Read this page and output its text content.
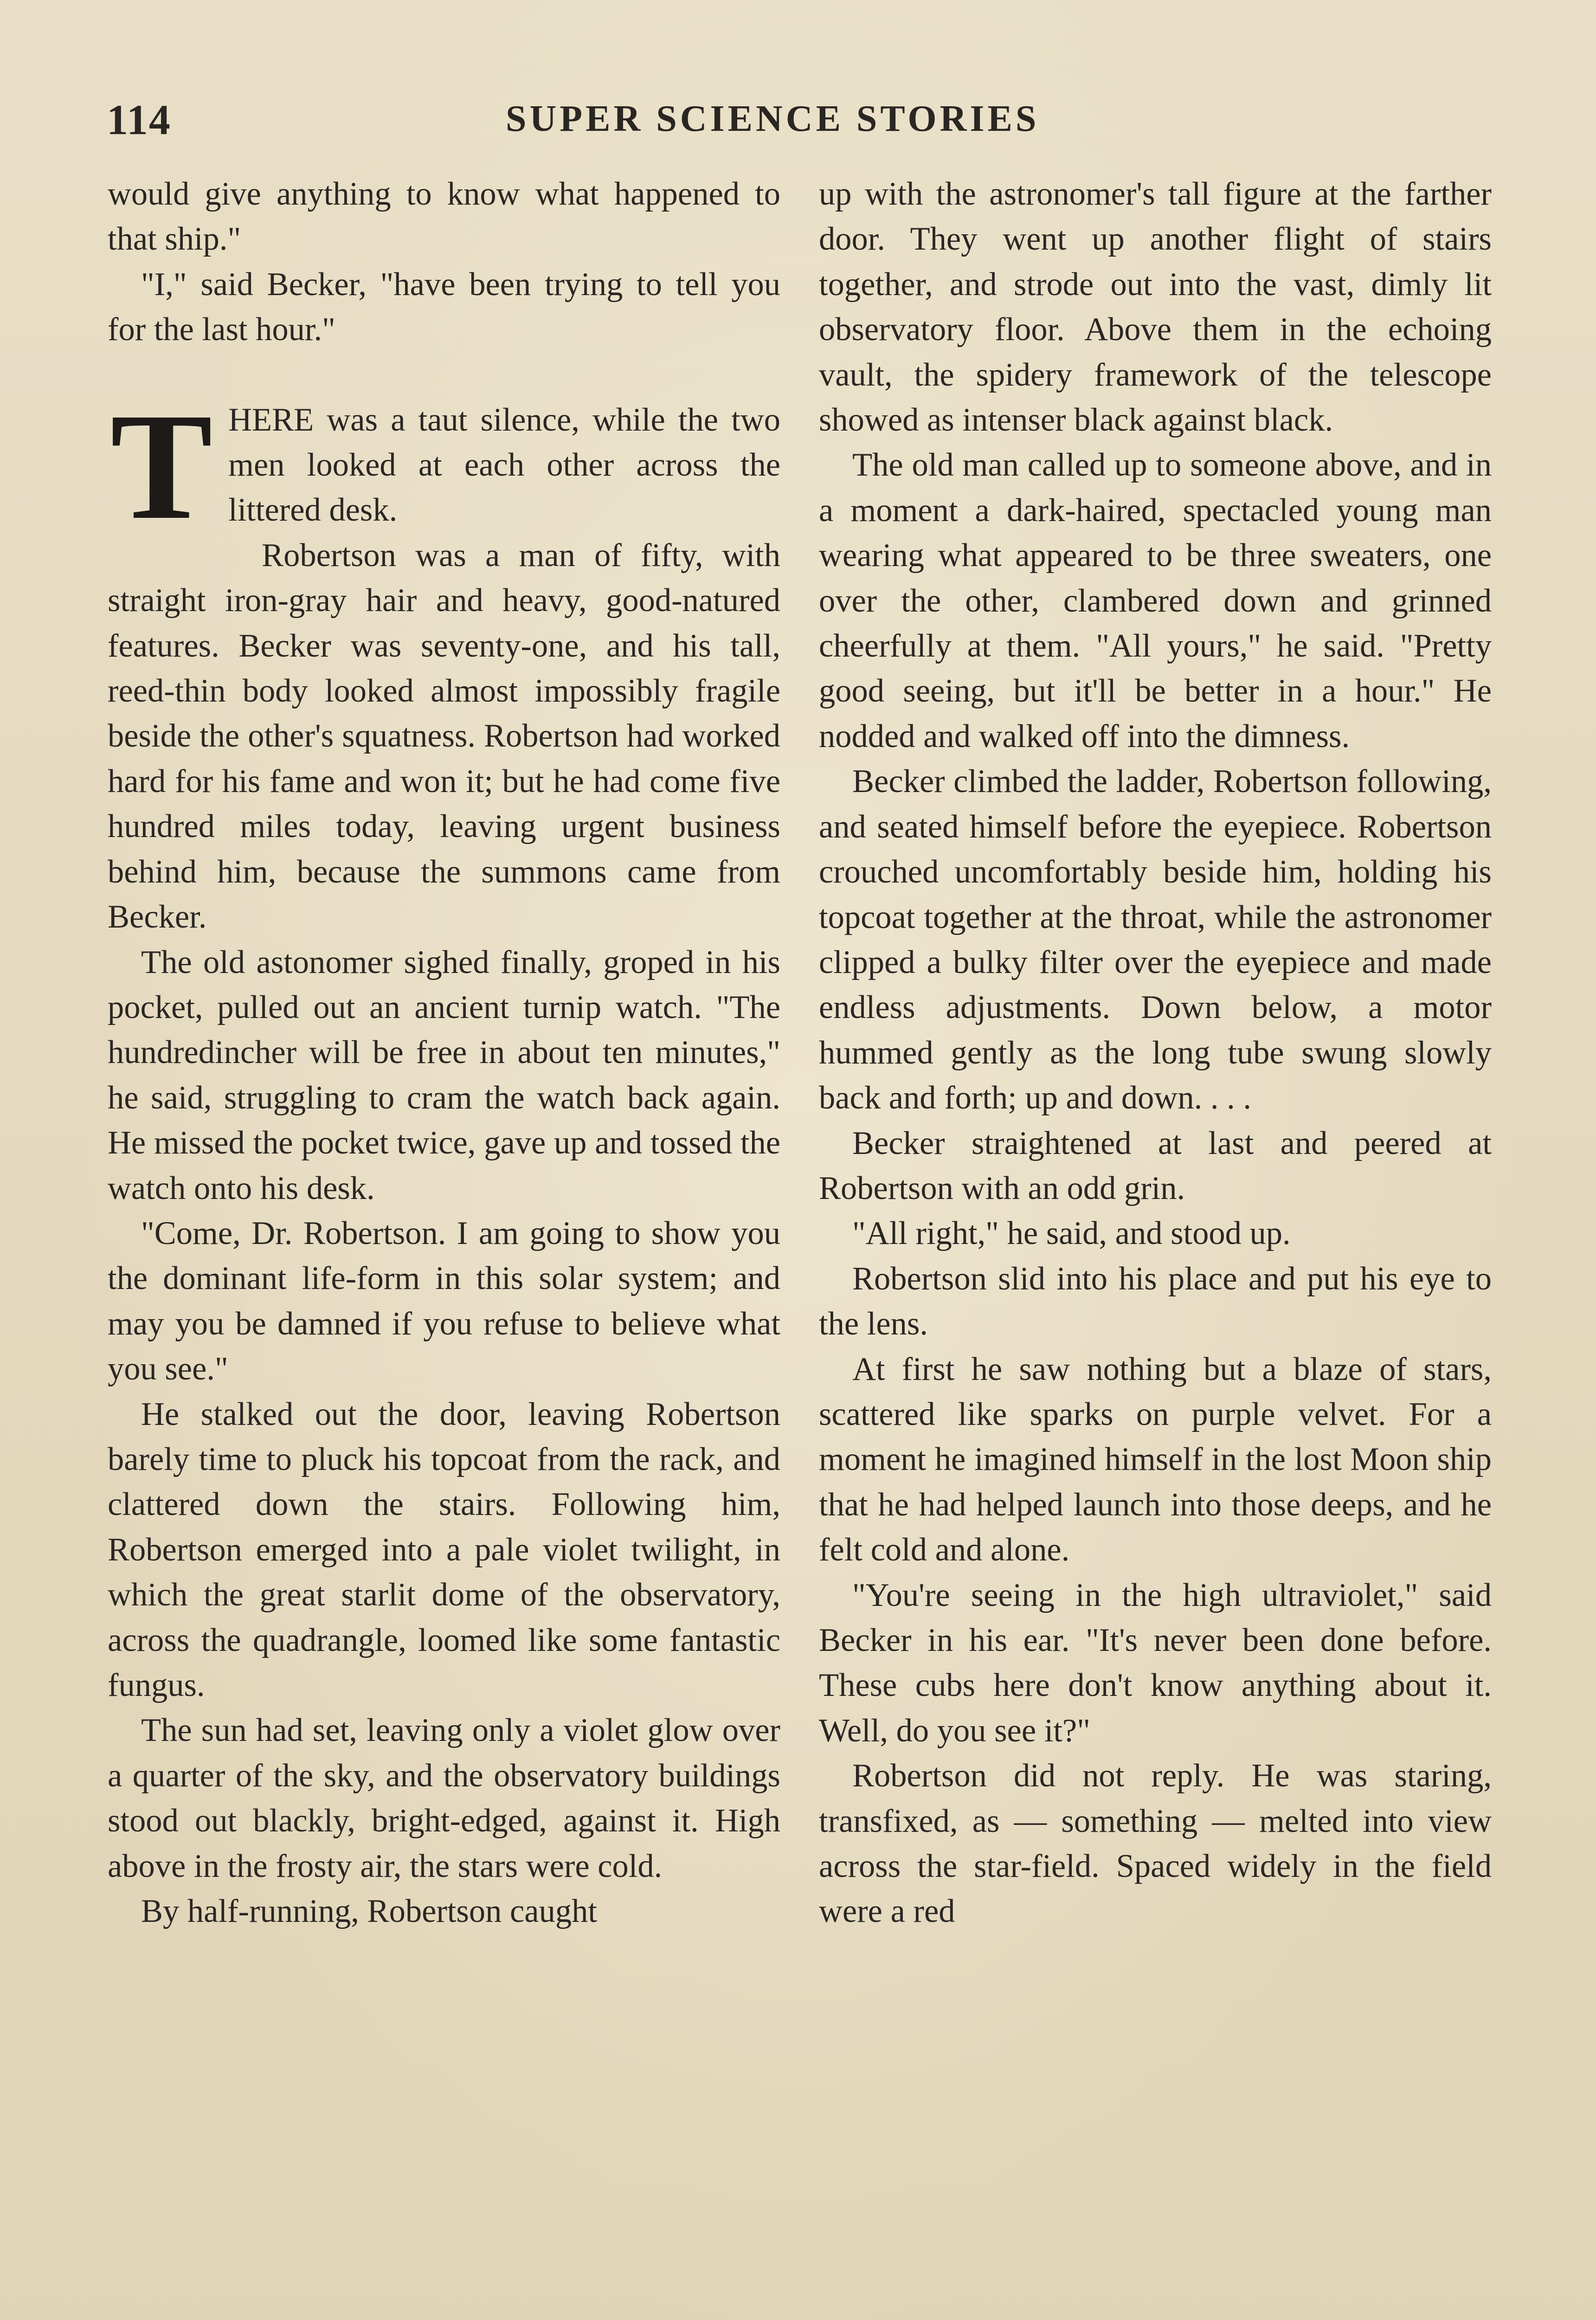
114	SUPER SCIENCE STORIES

would give anything to know what happened to that ship."

"I," said Becker, "have been trying to tell you for the last hour."

THERE was a taut silence, while the two men looked at each other across the littered desk.

Robertson was a man of fifty, with straight iron-gray hair and heavy, good-natured features. Becker was seventy-one, and his tall, reed-thin body looked almost impossibly fragile beside the other's squatness. Robertson had worked hard for his fame and won it; but he had come five hundred miles today, leaving urgent business behind him, because the summons came from Becker.

The old astonomer sighed finally, groped in his pocket, pulled out an ancient turnip watch. "The hundredincher will be free in about ten minutes," he said, struggling to cram the watch back again. He missed the pocket twice, gave up and tossed the watch onto his desk.

"Come, Dr. Robertson. I am going to show you the dominant life-form in this solar system; and may you be damned if you refuse to believe what you see."

He stalked out the door, leaving Robertson barely time to pluck his topcoat from the rack, and clattered down the stairs. Following him, Robertson emerged into a pale violet twilight, in which the great starlit dome of the observatory, across the quadrangle, loomed like some fantastic fungus.

The sun had set, leaving only a violet glow over a quarter of the sky, and the observatory buildings stood out blackly, bright-edged, against it. High above in the frosty air, the stars were cold.

By half-running, Robertson caught

up with the astronomer's tall figure at the farther door. They went up another flight of stairs together, and strode out into the vast, dimly lit observatory floor. Above them in the echoing vault, the spidery framework of the telescope showed as intenser black against black.

The old man called up to someone above, and in a moment a dark-haired, spectacled young man wearing what appeared to be three sweaters, one over the other, clambered down and grinned cheerfully at them. "All yours," he said. "Pretty good seeing, but it'll be better in a hour." He nodded and walked off into the dimness.

Becker climbed the ladder, Robertson following, and seated himself before the eyepiece. Robertson crouched uncomfortably beside him, holding his topcoat together at the throat, while the astronomer clipped a bulky filter over the eyepiece and made endless adjustments. Down below, a motor hummed gently as the long tube swung slowly back and forth; up and down. . . .

Becker straightened at last and peered at Robertson with an odd grin.

"All right," he said, and stood up.

Robertson slid into his place and put his eye to the lens.

At first he saw nothing but a blaze of stars, scattered like sparks on purple velvet. For a moment he imagined himself in the lost Moon ship that he had helped launch into those deeps, and he felt cold and alone.

"You're seeing in the high ultraviolet," said Becker in his ear. "It's never been done before. These cubs here don't know anything about it. Well, do you see it?"

Robertson did not reply. He was staring, transfixed, as — something — melted into view across the star-field. Spaced widely in the field were a red
